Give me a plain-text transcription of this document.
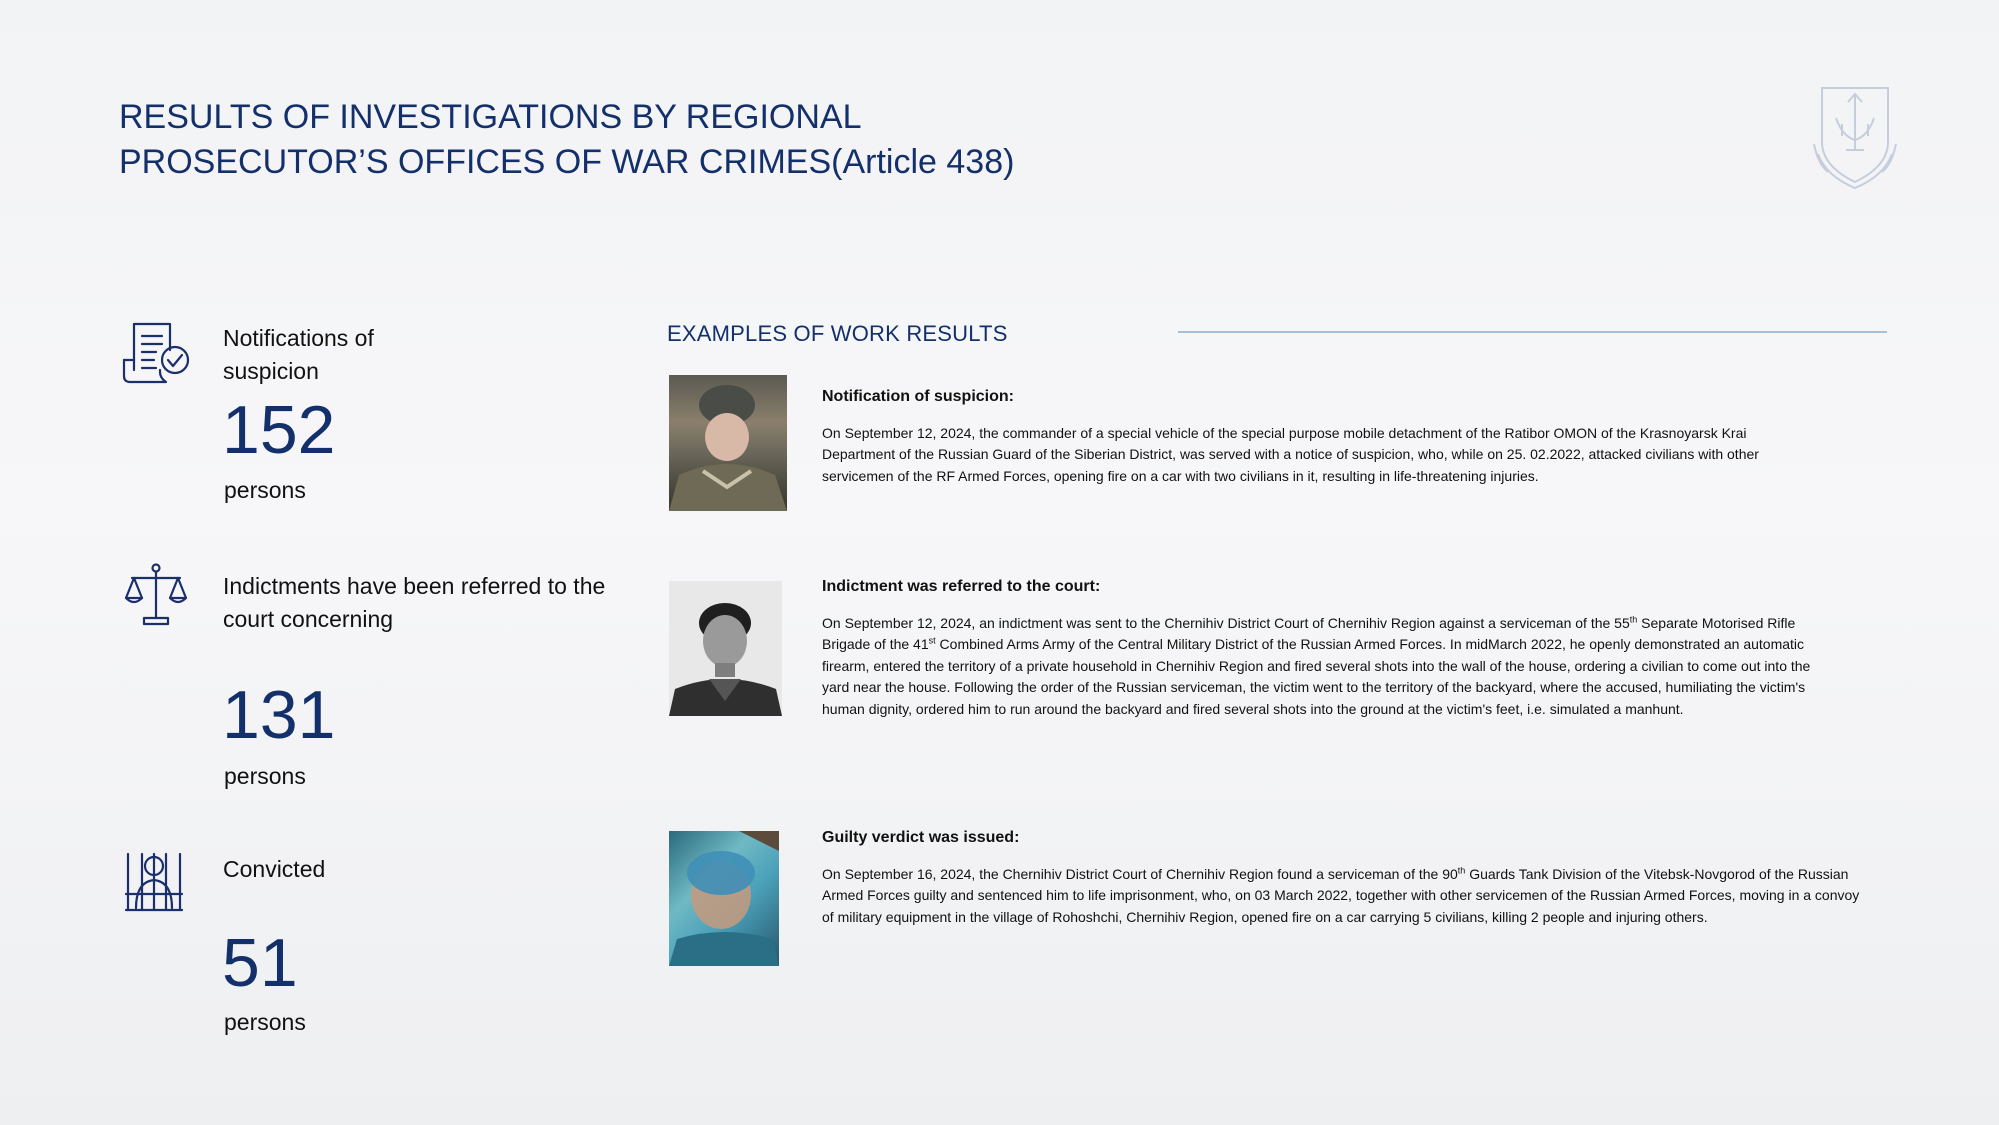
RESULTS OF INVESTIGATIONS BY REGIONAL
PROSECUTOR’S OFFICES OF WAR CRIMES(Article 438)

Notifications of
suspicion

152
persons

Indictments have been referred to the
court concerning

131
persons

Convicted

51
persons
EXAMPLES OF WORK RESULTS
Notification of suspicion:

On September 12, 2024, the commander of a special vehicle of the special purpose mobile detachment of the Ratibor OMON of the Krasnoyarsk Krai Department of the Russian Guard of the Siberian District, was served with a notice of suspicion, who, while on 25. 02.2022, attacked civilians with other servicemen of the RF Armed Forces, opening fire on a car with two civilians in it, resulting in life-threatening injuries.

Indictment was referred to the court:

On September 12, 2024, an indictment was sent to the Chernihiv District Court of Chernihiv Region against a serviceman of the 55th Separate Motorised Rifle Brigade of the 41st Combined Arms Army of the Central Military District of the Russian Armed Forces. In midMarch 2022, he openly demonstrated an automatic firearm, entered the territory of a private household in Chernihiv Region and fired several shots into the wall of the house, ordering a civilian to come out into the yard near the house. Following the order of the Russian serviceman, the victim went to the territory of the backyard, where the accused, humiliating the victim's human dignity, ordered him to run around the backyard and fired several shots into the ground at the victim's feet, i.e. simulated a manhunt.

Guilty verdict was issued:

On September 16, 2024, the Chernihiv District Court of Chernihiv Region found a serviceman of the 90th Guards Tank Division of the Vitebsk-Novgorod of the Russian Armed Forces guilty and sentenced him to life imprisonment, who, on 03 March 2022, together with other servicemen of the Russian Armed Forces, moving in a convoy of military equipment in the village of Rohoshchi, Chernihiv Region, opened fire on a car carrying 5 civilians, killing 2 people and injuring others.
